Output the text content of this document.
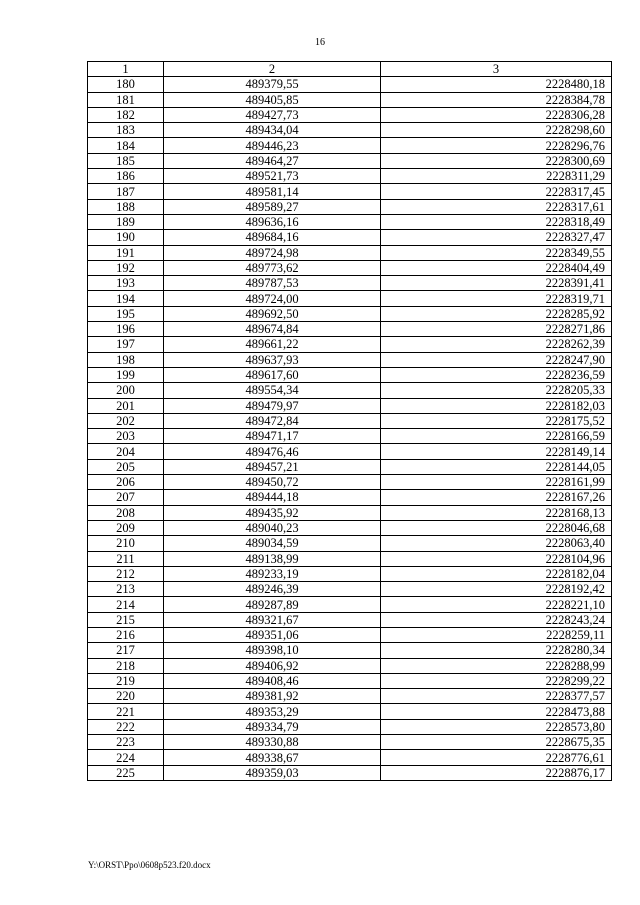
16
1	2	3
180	489379,55	2228480,18
181	489405,85	2228384,78
182	489427,73	2228306,28
183	489434,04	2228298,60
184	489446,23	2228296,76
185	489464,27	2228300,69
186	489521,73	2228311,29
187	489581,14	2228317,45
188	489589,27	2228317,61
189	489636,16	2228318,49
190	489684,16	2228327,47
191	489724,98	2228349,55
192	489773,62	2228404,49
193	489787,53	2228391,41
194	489724,00	2228319,71
195	489692,50	2228285,92
196	489674,84	2228271,86
197	489661,22	2228262,39
198	489637,93	2228247,90
199	489617,60	2228236,59
200	489554,34	2228205,33
201	489479,97	2228182,03
202	489472,84	2228175,52
203	489471,17	2228166,59
204	489476,46	2228149,14
205	489457,21	2228144,05
206	489450,72	2228161,99
207	489444,18	2228167,26
208	489435,92	2228168,13
209	489040,23	2228046,68
210	489034,59	2228063,40
211	489138,99	2228104,96
212	489233,19	2228182,04
213	489246,39	2228192,42
214	489287,89	2228221,10
215	489321,67	2228243,24
216	489351,06	2228259,11
217	489398,10	2228280,34
218	489406,92	2228288,99
219	489408,46	2228299,22
220	489381,92	2228377,57
221	489353,29	2228473,88
222	489334,79	2228573,80
223	489330,88	2228675,35
224	489338,67	2228776,61
225	489359,03	2228876,17
Y:\ORST\Ppo\0608p523.f20.docx
